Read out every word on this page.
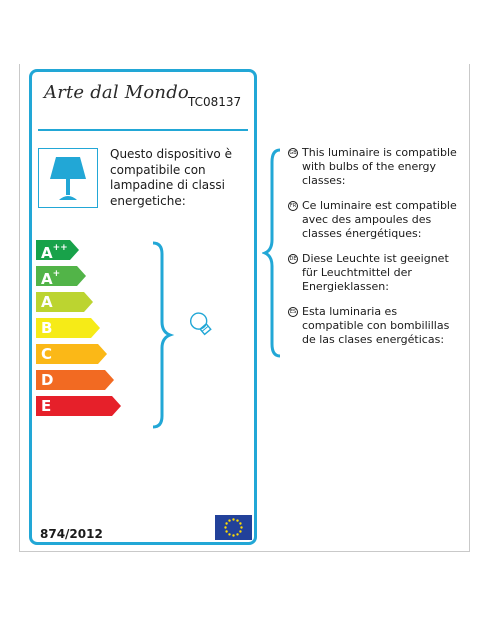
Arte dal Mondo TC08137
Questo dispositivo è compatibile con lampadine di classi energetiche:
A++
A+
A
B
C
D
E
874/2012
GB This luminaire is compatible with bulbs of the energy classes:
FR Ce luminaire est compatible avec des ampoules des classes énergétiques:
DE Diese Leuchte ist geeignet für Leuchtmittel der Energieklassen:
ES Esta luminaria es compatible con bombilillas de las clases energéticas:
